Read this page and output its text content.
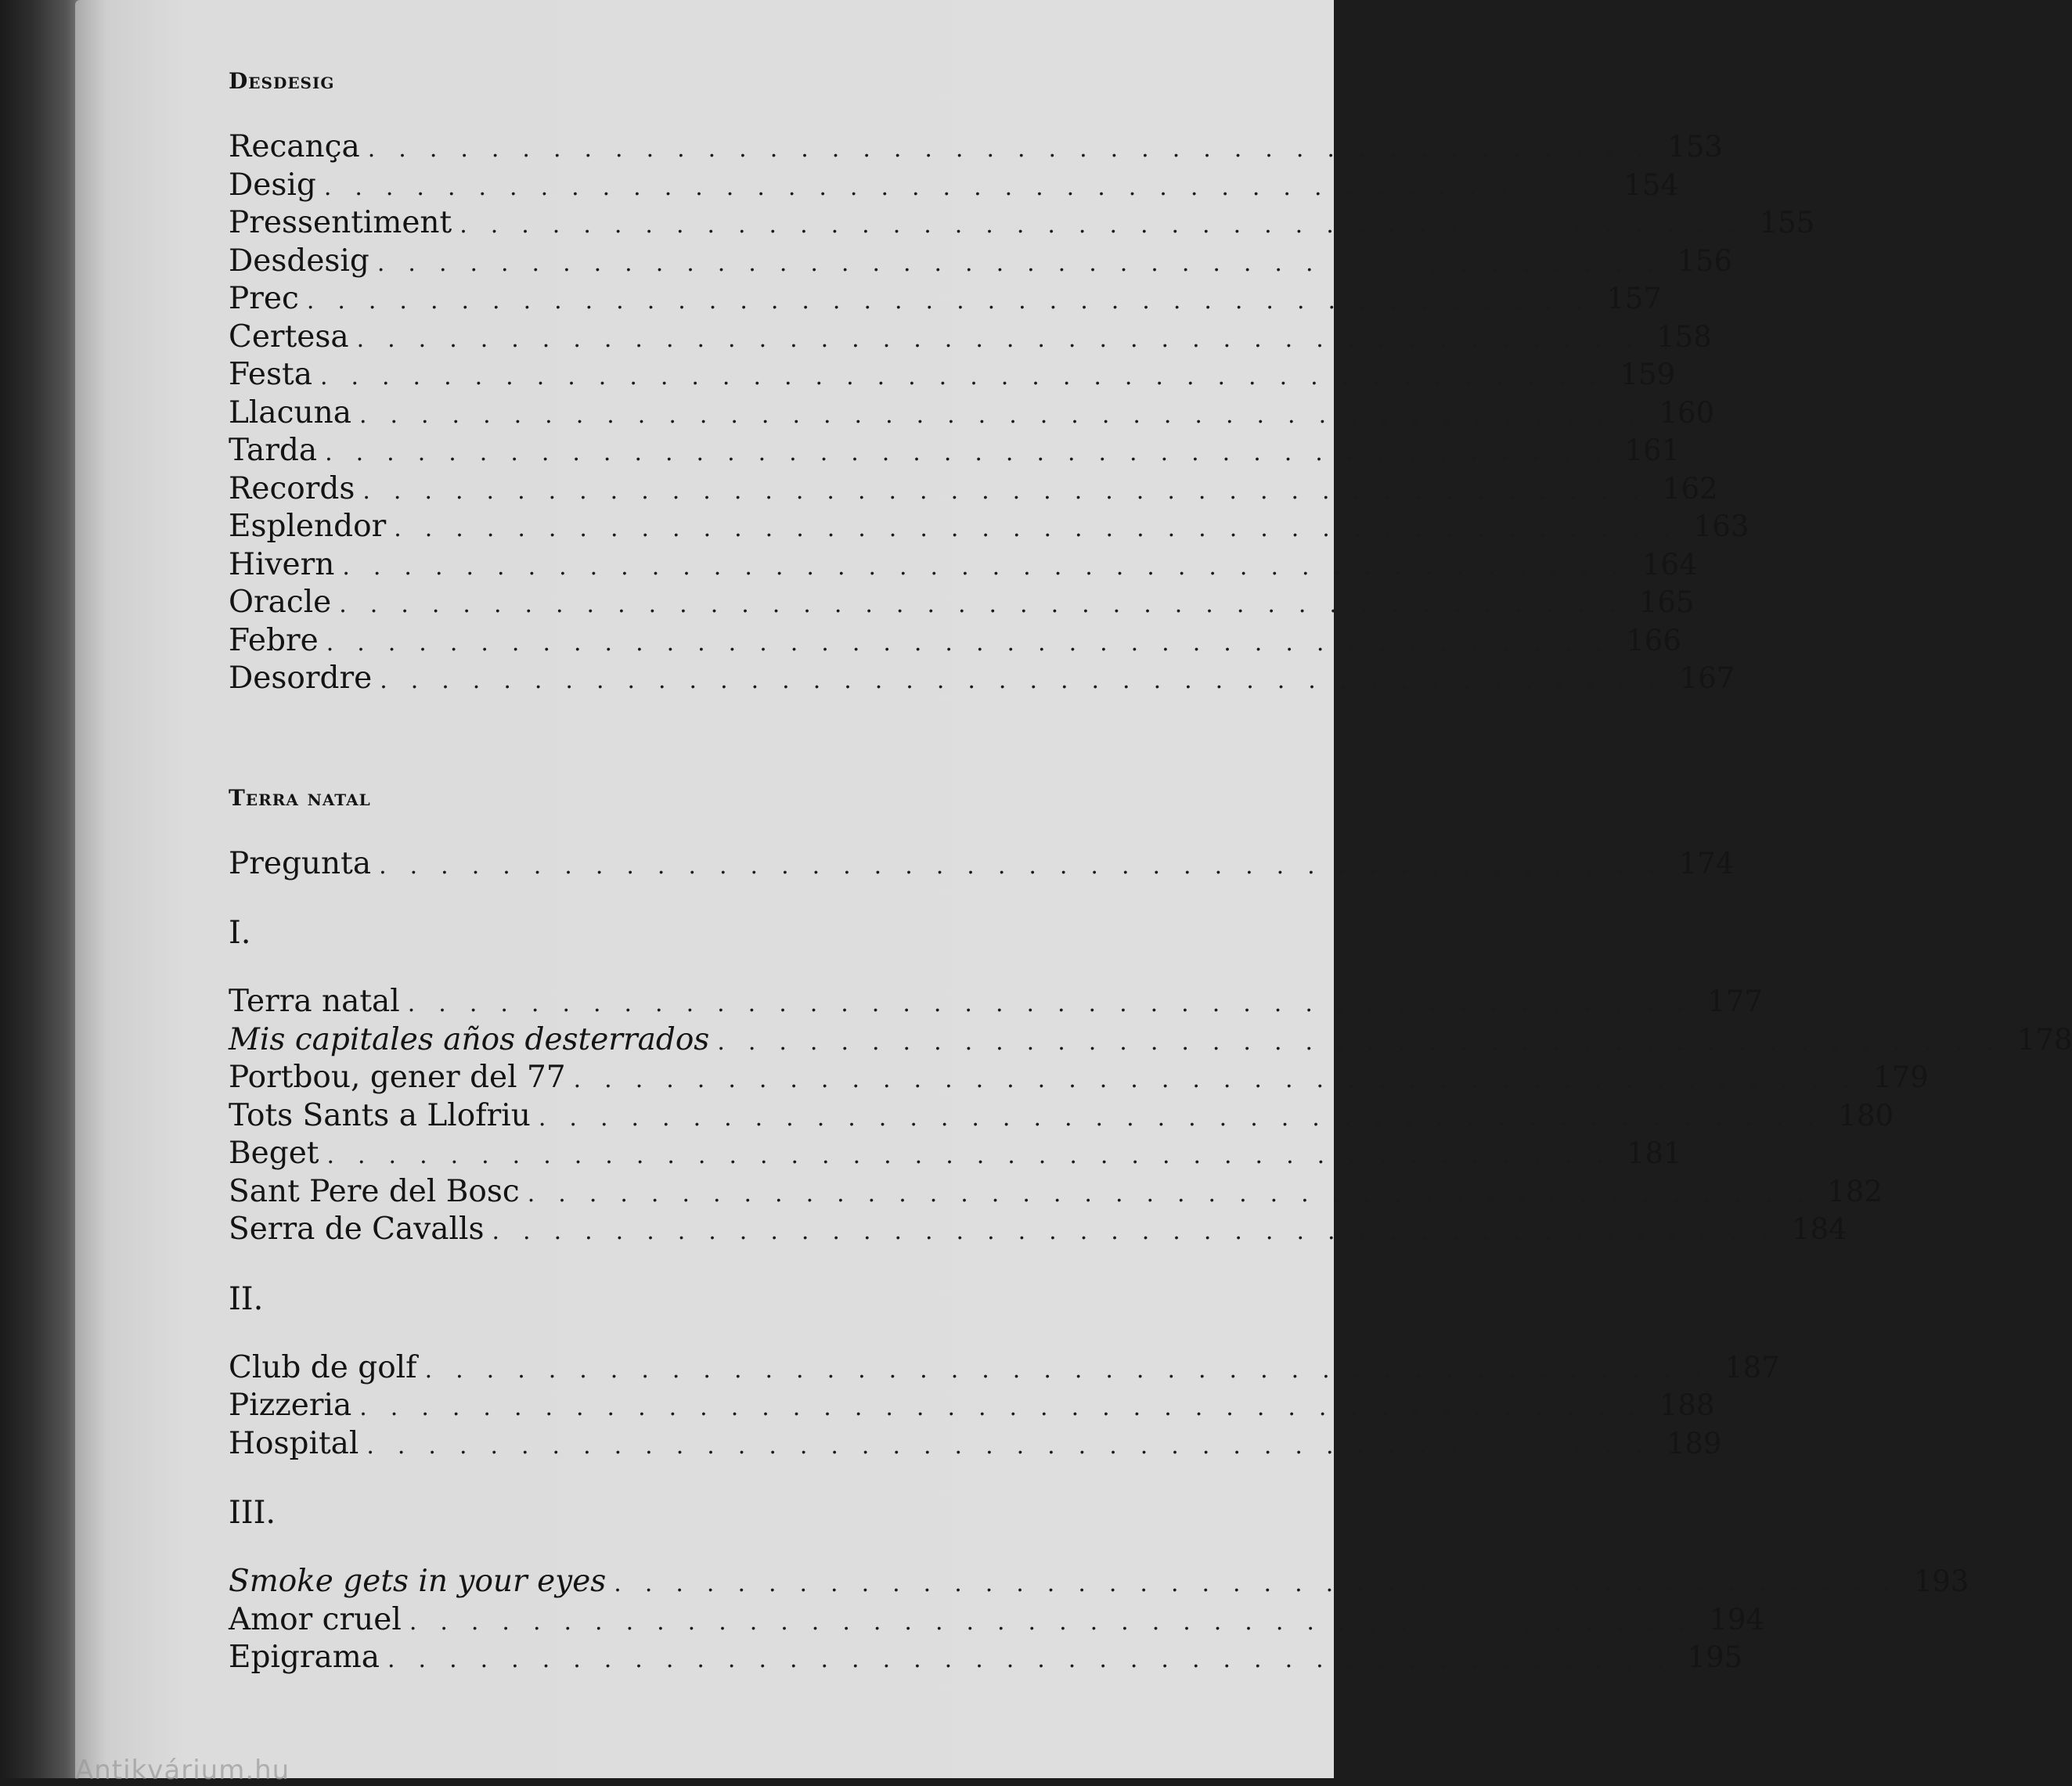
Antikvárium.hu
Desdesig
Recança .......................................... 153
Desig .......................................... 154
Pressentiment .......................................... 155
Desdesig .......................................... 156
Prec .......................................... 157
Certesa .......................................... 158
Festa .......................................... 159
Llacuna .......................................... 160
Tarda .......................................... 161
Records .......................................... 162
Esplendor .......................................... 163
Hivern .......................................... 164
Oracle .......................................... 165
Febre .......................................... 166
Desordre .......................................... 167
Terra natal
Pregunta .......................................... 174
I.
Terra natal .......................................... 177
Mis capitales años desterrados .......................................... 178
Portbou, gener del 77 .......................................... 179
Tots Sants a Llofriu .......................................... 180
Beget .......................................... 181
Sant Pere del Bosc .......................................... 182
Serra de Cavalls .......................................... 184
II.
Club de golf .......................................... 187
Pizzeria .......................................... 188
Hospital .......................................... 189
III.
Smoke gets in your eyes .......................................... 193
Amor cruel .......................................... 194
Epigrama .......................................... 195
